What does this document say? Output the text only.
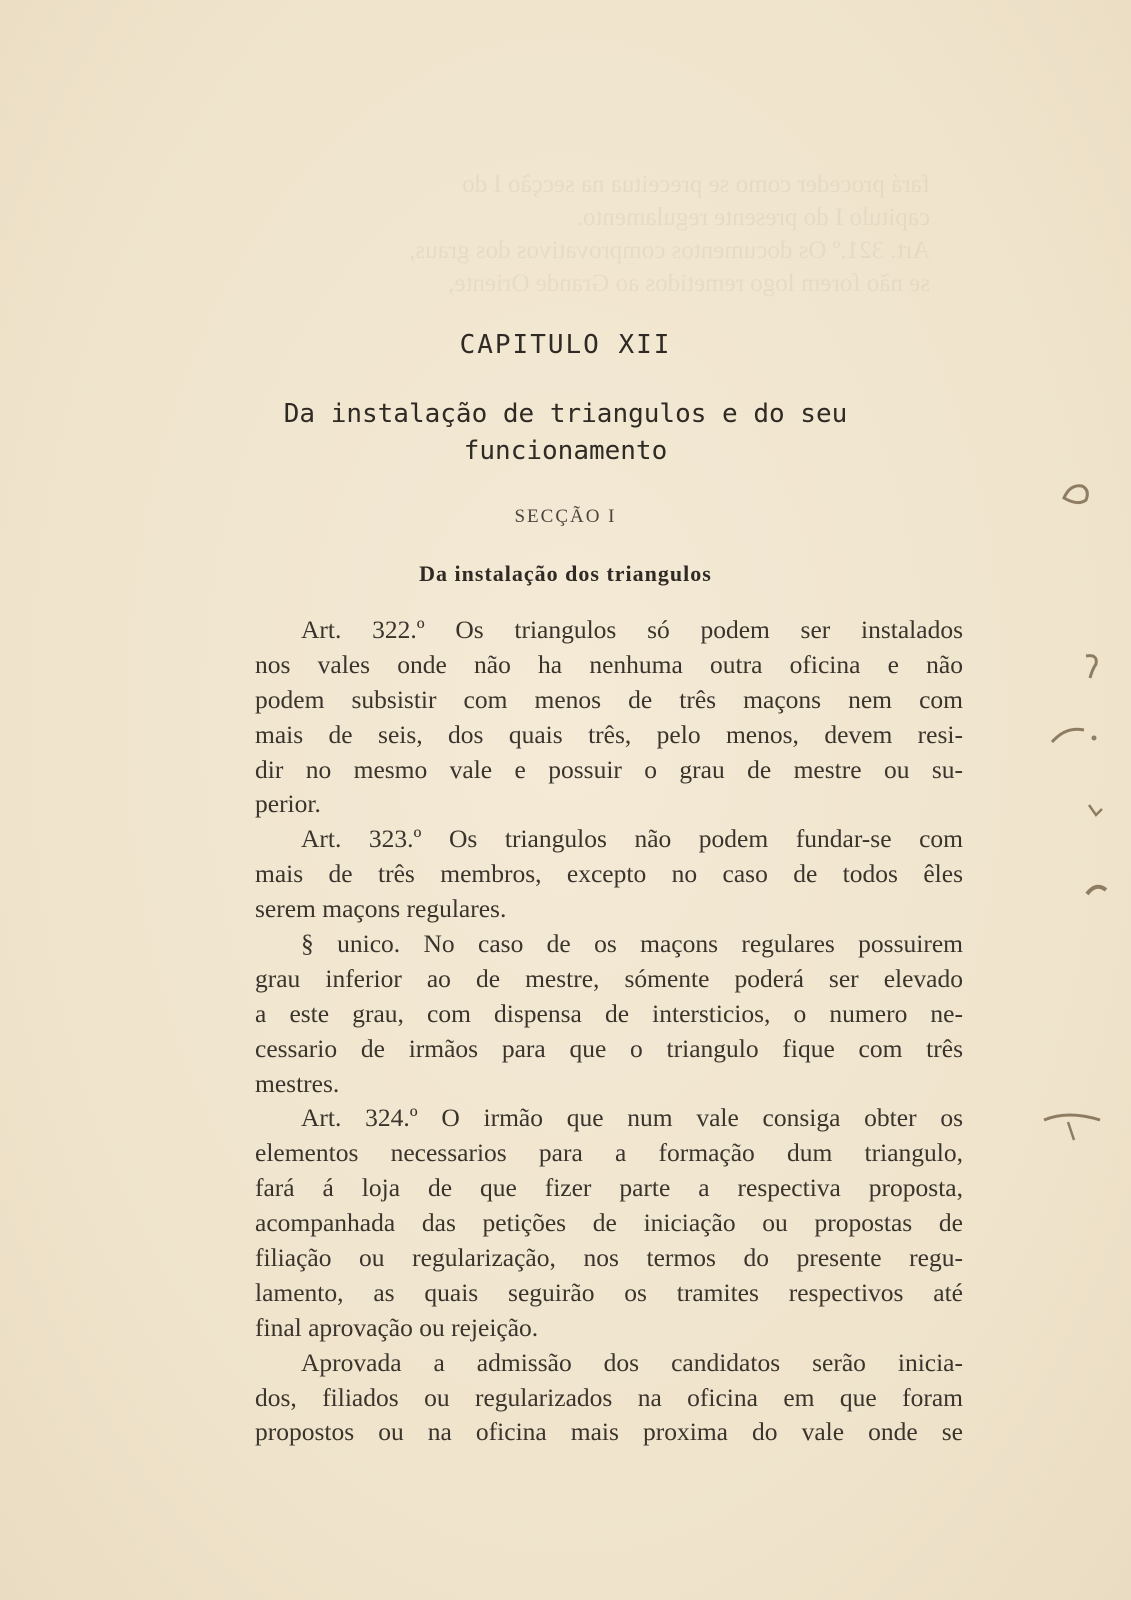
fará proceder como se preceitua na secção I do
capitulo I do presente regulamento.
Art. 321.º Os documentos comprovativos dos graus,
se não forem logo remetidos ao Grande Oriente,

CAPITULO XII
Da instalação de triangulos e do seu
funcionamento
SECÇÃO I
Da instalação dos triangulos
Art. 322.º Os triangulos só podem ser instalados
nos vales onde não ha nenhuma outra oficina e não
podem subsistir com menos de três maçons nem com
mais de seis, dos quais três, pelo menos, devem resi-
dir no mesmo vale e possuir o grau de mestre ou su-
perior.
Art. 323.º Os triangulos não podem fundar-se com
mais de três membros, excepto no caso de todos êles
serem maçons regulares.
§ unico. No caso de os maçons regulares possuirem
grau inferior ao de mestre, sómente poderá ser elevado
a este grau, com dispensa de intersticios, o numero ne-
cessario de irmãos para que o triangulo fique com três
mestres.
Art. 324.º O irmão que num vale consiga obter os
elementos necessarios para a formação dum triangulo,
fará á loja de que fizer parte a respectiva proposta,
acompanhada das petições de iniciação ou propostas de
filiação ou regularização, nos termos do presente regu-
lamento, as quais seguirão os tramites respectivos até
final aprovação ou rejeição.
Aprovada a admissão dos candidatos serão inicia-
dos, filiados ou regularizados na oficina em que foram
propostos ou na oficina mais proxima do vale onde se
